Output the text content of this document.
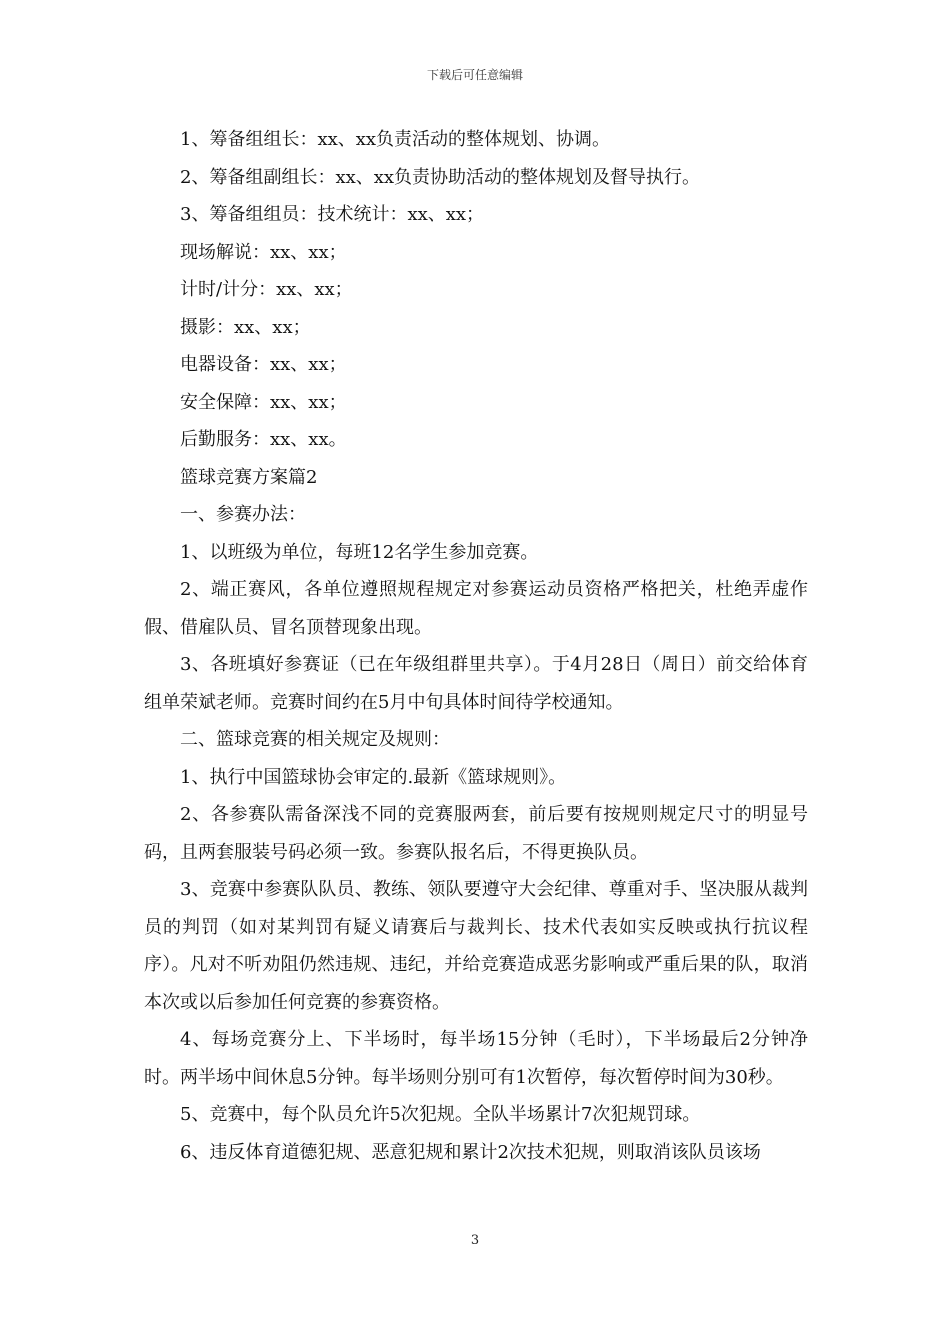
下载后可任意编辑

1、筹备组组长：xx、xx负责活动的整体规划、协调。

2、筹备组副组长：xx、xx负责协助活动的整体规划及督导执行。

3、筹备组组员：技术统计：xx、xx；

现场解说：xx、xx；

计时/计分：xx、xx；

摄影：xx、xx；

电器设备：xx、xx；

安全保障：xx、xx；

后勤服务：xx、xx。

篮球竞赛方案篇2

一、参赛办法：

1、以班级为单位，每班12名学生参加竞赛。

2、端正赛风，各单位遵照规程规定对参赛运动员资格严格把关，杜绝弄虚作假、借雇队员、冒名顶替现象出现。

3、各班填好参赛证（已在年级组群里共享）。于4月28日（周日）前交给体育组单荣斌老师。竞赛时间约在5月中旬具体时间待学校通知。

二、篮球竞赛的相关规定及规则：

1、执行中国篮球协会审定的.最新《篮球规则》。

2、各参赛队需备深浅不同的竞赛服两套，前后要有按规则规定尺寸的明显号码，且两套服装号码必须一致。参赛队报名后，不得更换队员。

3、竞赛中参赛队队员、教练、领队要遵守大会纪律、尊重对手、坚决服从裁判员的判罚（如对某判罚有疑义请赛后与裁判长、技术代表如实反映或执行抗议程序）。凡对不听劝阻仍然违规、违纪，并给竞赛造成恶劣影响或严重后果的队，取消本次或以后参加任何竞赛的参赛资格。

4、每场竞赛分上、下半场时，每半场15分钟（毛时），下半场最后2分钟净时。两半场中间休息5分钟。每半场则分别可有1次暂停，每次暂停时间为30秒。

5、竞赛中，每个队员允许5次犯规。全队半场累计7次犯规罚球。

6、违反体育道德犯规、恶意犯规和累计2次技术犯规，则取消该队员该场

3
